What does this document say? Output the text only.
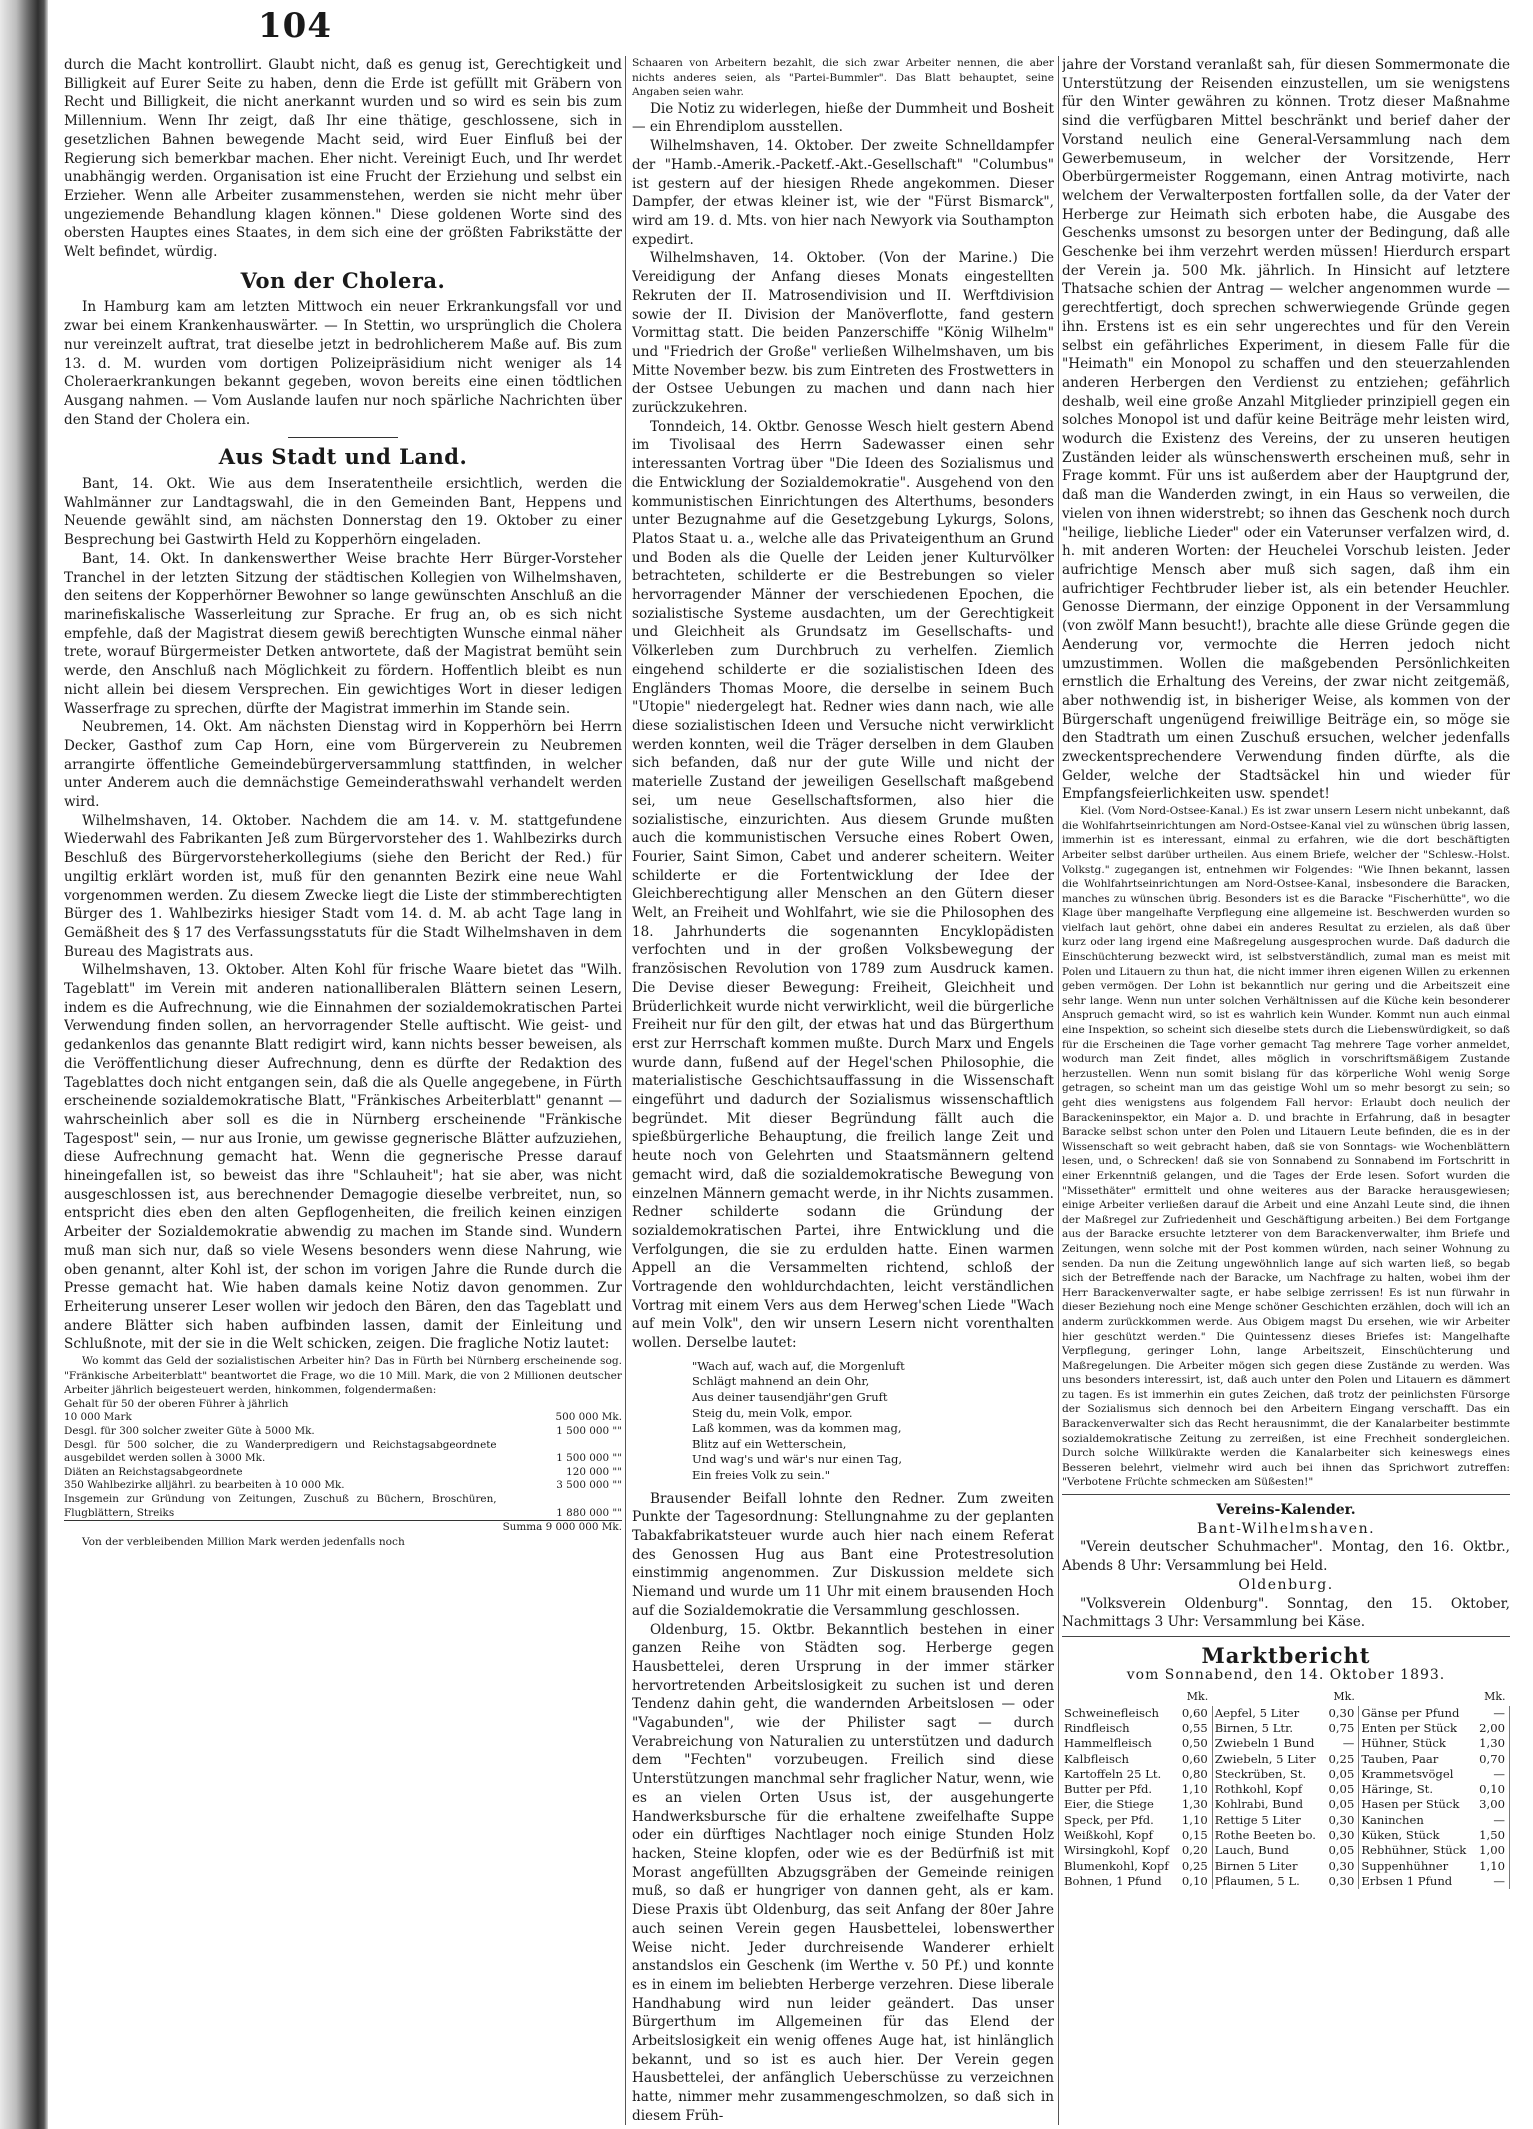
104

durch die Macht kontrollirt. Glaubt nicht, daß es genug ist, Gerechtigkeit und Billigkeit auf Eurer Seite zu haben, denn die Erde ist gefüllt mit Gräbern von Recht und Billigkeit, die nicht anerkannt wurden und so wird es sein bis zum Millennium. Wenn Ihr zeigt, daß Ihr eine thätige, geschlossene, sich in gesetzlichen Bahnen bewegende Macht seid, wird Euer Einfluß bei der Regierung sich bemerkbar machen. Eher nicht. Vereinigt Euch, und Ihr werdet unabhängig werden. Organisation ist eine Frucht der Erziehung und selbst ein Erzieher. Wenn alle Arbeiter zusammenstehen, werden sie nicht mehr über ungeziemende Behandlung klagen können." Diese goldenen Worte sind des obersten Hauptes eines Staates, in dem sich eine der größten Fabrikstätte der Welt befindet, würdig.

Von der Cholera.

In Hamburg kam am letzten Mittwoch ein neuer Erkrankungsfall vor und zwar bei einem Krankenhauswärter. — In Stettin, wo ursprünglich die Cholera nur vereinzelt auftrat, trat dieselbe jetzt in bedrohlicherem Maße auf. Bis zum 13. d. M. wurden vom dortigen Polizeipräsidium nicht weniger als 14 Choleraerkrankungen bekannt gegeben, wovon bereits eine einen tödtlichen Ausgang nahmen. — Vom Auslande laufen nur noch spärliche Nachrichten über den Stand der Cholera ein.

Aus Stadt und Land.

Bant, 14. Okt. Wie aus dem Inseratentheile ersichtlich, werden die Wahlmänner zur Landtagswahl, die in den Gemeinden Bant, Heppens und Neuende gewählt sind, am nächsten Donnerstag den 19. Oktober zu einer Besprechung bei Gastwirth Held zu Kopperhörn eingeladen.

Bant, 14. Okt. In dankenswerther Weise brachte Herr Bürger-Vorsteher Tranchel in der letzten Sitzung der städtischen Kollegien von Wilhelmshaven, den seitens der Kopperhörner Bewohner so lange gewünschten Anschluß an die marinefiskalische Wasserleitung zur Sprache. Er frug an, ob es sich nicht empfehle, daß der Magistrat diesem gewiß berechtigten Wunsche einmal näher trete, worauf Bürgermeister Detken antwortete, daß der Magistrat bemüht sein werde, den Anschluß nach Möglichkeit zu fördern. Hoffentlich bleibt es nun nicht allein bei diesem Versprechen. Ein gewichtiges Wort in dieser ledigen Wasserfrage zu sprechen, dürfte der Magistrat immerhin im Stande sein.

Neubremen, 14. Okt. Am nächsten Dienstag wird in Kopperhörn bei Herrn Decker, Gasthof zum Cap Horn, eine vom Bürgerverein zu Neubremen arrangirte öffentliche Gemeindebürgerversammlung stattfinden, in welcher unter Anderem auch die demnächstige Gemeinderathswahl verhandelt werden wird.

Wilhelmshaven, 14. Oktober. Nachdem die am 14. v. M. stattgefundene Wiederwahl des Fabrikanten Jeß zum Bürgervorsteher des 1. Wahlbezirks durch Beschluß des Bürgervorsteherkollegiums (siehe den Bericht der Red.) für ungiltig erklärt worden ist, muß für den genannten Bezirk eine neue Wahl vorgenommen werden. Zu diesem Zwecke liegt die Liste der stimmberechtigten Bürger des 1. Wahlbezirks hiesiger Stadt vom 14. d. M. ab acht Tage lang in Gemäßheit des § 17 des Verfassungsstatuts für die Stadt Wilhelmshaven in dem Bureau des Magistrats aus.

Wilhelmshaven, 13. Oktober. Alten Kohl für frische Waare bietet das "Wilh. Tageblatt" im Verein mit anderen nationalliberalen Blättern seinen Lesern, indem es die Aufrechnung, wie die Einnahmen der sozialdemokratischen Partei Verwendung finden sollen, an hervorragender Stelle auftischt. Wie geist- und gedankenlos das genannte Blatt redigirt wird, kann nichts besser beweisen, als die Veröffentlichung dieser Aufrechnung, denn es dürfte der Redaktion des Tageblattes doch nicht entgangen sein, daß die als Quelle angegebene, in Fürth erscheinende sozialdemokratische Blatt, "Fränkisches Arbeiterblatt" genannt — wahrscheinlich aber soll es die in Nürnberg erscheinende "Fränkische Tagespost" sein, — nur aus Ironie, um gewisse gegnerische Blätter aufzuziehen, diese Aufrechnung gemacht hat. Wenn die gegnerische Presse darauf hineingefallen ist, so beweist das ihre "Schlauheit"; hat sie aber, was nicht ausgeschlossen ist, aus berechnender Demagogie dieselbe verbreitet, nun, so entspricht dies eben den alten Gepflogenheiten, die freilich keinen einzigen Arbeiter der Sozialdemokratie abwendig zu machen im Stande sind. Wundern muß man sich nur, daß so viele Wesens besonders wenn diese Nahrung, wie oben genannt, alter Kohl ist, der schon im vorigen Jahre die Runde durch die Presse gemacht hat. Wie haben damals keine Notiz davon genommen. Zur Erheiterung unserer Leser wollen wir jedoch den Bären, den das Tageblatt und andere Blätter sich haben aufbinden lassen, damit der Einleitung und Schlußnote, mit der sie in die Welt schicken, zeigen. Die fragliche Notiz lautet:

Wo kommt das Geld der sozialistischen Arbeiter hin? Das in Fürth bei Nürnberg erscheinende sog. "Fränkische Arbeiterblatt" beantwortet die Frage, wo die 10 Mill. Mark, die von 2 Millionen deutscher Arbeiter jährlich beigesteuert werden, hinkommen, folgendermaßen:

Gehalt für 50 der oberen Führer à jährlich	
10 000 Mark	500 000 Mk.
Desgl. für 300 solcher zweiter Güte à 5000 Mk.	1 500 000 ""
Desgl. für 500 solcher, die zu Wanderpredigern und Reichstagsabgeordnete ausgebildet werden sollen à 3000 Mk.	1 500 000 ""
Diäten an Reichstagsabgeordnete	120 000 ""
350 Wahlbezirke alljährl. zu bearbeiten à 10 000 Mk.	3 500 000 ""
Insgemein zur Gründung von Zeitungen, Zuschuß zu Büchern, Broschüren, Flugblättern, Streiks	1 880 000 ""
	Summa 9 000 000 Mk.

Von der verbleibenden Million Mark werden jedenfalls noch

Schaaren von Arbeitern bezahlt, die sich zwar Arbeiter nennen, die aber nichts anderes seien, als "Partei-Bummler". Das Blatt behauptet, seine Angaben seien wahr.

Die Notiz zu widerlegen, hieße der Dummheit und Bosheit — ein Ehrendiplom ausstellen.

Wilhelmshaven, 14. Oktober. Der zweite Schnelldampfer der "Hamb.-Amerik.-Packetf.-Akt.-Gesellschaft" "Columbus" ist gestern auf der hiesigen Rhede angekommen. Dieser Dampfer, der etwas kleiner ist, wie der "Fürst Bismarck", wird am 19. d. Mts. von hier nach Newyork via Southampton expedirt.

Wilhelmshaven, 14. Oktober. (Von der Marine.) Die Vereidigung der Anfang dieses Monats eingestellten Rekruten der II. Matrosendivision und II. Werftdivision sowie der II. Division der Manöverflotte, fand gestern Vormittag statt. Die beiden Panzerschiffe "König Wilhelm" und "Friedrich der Große" verließen Wilhelmshaven, um bis Mitte November bezw. bis zum Eintreten des Frostwetters in der Ostsee Uebungen zu machen und dann nach hier zurückzukehren.

Tonndeich, 14. Oktbr. Genosse Wesch hielt gestern Abend im Tivolisaal des Herrn Sadewasser einen sehr interessanten Vortrag über "Die Ideen des Sozialismus und die Entwicklung der Sozialdemokratie". Ausgehend von den kommunistischen Einrichtungen des Alterthums, besonders unter Bezugnahme auf die Gesetzgebung Lykurgs, Solons, Platos Staat u. a., welche alle das Privateigenthum an Grund und Boden als die Quelle der Leiden jener Kulturvölker betrachteten, schilderte er die Bestrebungen so vieler hervorragender Männer der verschiedenen Epochen, die sozialistische Systeme ausdachten, um der Gerechtigkeit und Gleichheit als Grundsatz im Gesellschafts- und Völkerleben zum Durchbruch zu verhelfen. Ziemlich eingehend schilderte er die sozialistischen Ideen des Engländers Thomas Moore, die derselbe in seinem Buch "Utopie" niedergelegt hat. Redner wies dann nach, wie alle diese sozialistischen Ideen und Versuche nicht verwirklicht werden konnten, weil die Träger derselben in dem Glauben sich befanden, daß nur der gute Wille und nicht der materielle Zustand der jeweiligen Gesellschaft maßgebend sei, um neue Gesellschaftsformen, also hier die sozialistische, einzurichten. Aus diesem Grunde mußten auch die kommunistischen Versuche eines Robert Owen, Fourier, Saint Simon, Cabet und anderer scheitern. Weiter schilderte er die Fortentwicklung der Idee der Gleichberechtigung aller Menschen an den Gütern dieser Welt, an Freiheit und Wohlfahrt, wie sie die Philosophen des 18. Jahrhunderts die sogenannten Encyklopädisten verfochten und in der großen Volksbewegung der französischen Revolution von 1789 zum Ausdruck kamen. Die Devise dieser Bewegung: Freiheit, Gleichheit und Brüderlichkeit wurde nicht verwirklicht, weil die bürgerliche Freiheit nur für den gilt, der etwas hat und das Bürgerthum erst zur Herrschaft kommen mußte. Durch Marx und Engels wurde dann, fußend auf der Hegel'schen Philosophie, die materialistische Geschichtsauffassung in die Wissenschaft eingeführt und dadurch der Sozialismus wissenschaftlich begründet. Mit dieser Begründung fällt auch die spießbürgerliche Behauptung, die freilich lange Zeit und heute noch von Gelehrten und Staatsmännern geltend gemacht wird, daß die sozialdemokratische Bewegung von einzelnen Männern gemacht werde, in ihr Nichts zusammen. Redner schilderte sodann die Gründung der sozialdemokratischen Partei, ihre Entwicklung und die Verfolgungen, die sie zu erdulden hatte. Einen warmen Appell an die Versammelten richtend, schloß der Vortragende den wohldurchdachten, leicht verständlichen Vortrag mit einem Vers aus dem Herweg'schen Liede "Wach auf mein Volk", den wir unsern Lesern nicht vorenthalten wollen. Derselbe lautet:

"Wach auf, wach auf, die Morgenluft
Schlägt mahnend an dein Ohr,
Aus deiner tausendjähr'gen Gruft
Steig du, mein Volk, empor.
Laß kommen, was da kommen mag,
Blitz auf ein Wetterschein,
Und wag's und wär's nur einen Tag,
Ein freies Volk zu sein."

Brausender Beifall lohnte den Redner. Zum zweiten Punkte der Tagesordnung: Stellungnahme zu der geplanten Tabakfabrikatsteuer wurde auch hier nach einem Referat des Genossen Hug aus Bant eine Protestresolution einstimmig angenommen. Zur Diskussion meldete sich Niemand und wurde um 11 Uhr mit einem brausenden Hoch auf die Sozialdemokratie die Versammlung geschlossen.

Oldenburg, 15. Oktbr. Bekanntlich bestehen in einer ganzen Reihe von Städten sog. Herberge gegen Hausbettelei, deren Ursprung in der immer stärker hervortretenden Arbeitslosigkeit zu suchen ist und deren Tendenz dahin geht, die wandernden Arbeitslosen — oder "Vagabunden", wie der Philister sagt — durch Verabreichung von Naturalien zu unterstützen und dadurch dem "Fechten" vorzubeugen. Freilich sind diese Unterstützungen manchmal sehr fraglicher Natur, wenn, wie es an vielen Orten Usus ist, der ausgehungerte Handwerksbursche für die erhaltene zweifelhafte Suppe oder ein dürftiges Nachtlager noch einige Stunden Holz hacken, Steine klopfen, oder wie es der Bedürfniß ist mit Morast angefüllten Abzugsgräben der Gemeinde reinigen muß, so daß er hungriger von dannen geht, als er kam. Diese Praxis übt Oldenburg, das seit Anfang der 80er Jahre auch seinen Verein gegen Hausbettelei, lobenswerther Weise nicht. Jeder durchreisende Wanderer erhielt anstandslos ein Geschenk (im Werthe v. 50 Pf.) und konnte es in einem im beliebten Herberge verzehren. Diese liberale Handhabung wird nun leider geändert. Das unser Bürgerthum im Allgemeinen für das Elend der Arbeitslosigkeit ein wenig offenes Auge hat, ist hinlänglich bekannt, und so ist es auch hier. Der Verein gegen Hausbettelei, der anfänglich Ueberschüsse zu verzeichnen hatte, nimmer mehr zusammengeschmolzen, so daß sich in diesem Früh-

jahre der Vorstand veranlaßt sah, für diesen Sommermonate die Unterstützung der Reisenden einzustellen, um sie wenigstens für den Winter gewähren zu können. Trotz dieser Maßnahme sind die verfügbaren Mittel beschränkt und berief daher der Vorstand neulich eine General-Versammlung nach dem Gewerbemuseum, in welcher der Vorsitzende, Herr Oberbürgermeister Roggemann, einen Antrag motivirte, nach welchem der Verwalterposten fortfallen solle, da der Vater der Herberge zur Heimath sich erboten habe, die Ausgabe des Geschenks umsonst zu besorgen unter der Bedingung, daß alle Geschenke bei ihm verzehrt werden müssen! Hierdurch erspart der Verein ja. 500 Mk. jährlich. In Hinsicht auf letztere Thatsache schien der Antrag — welcher angenommen wurde — gerechtfertigt, doch sprechen schwerwiegende Gründe gegen ihn. Erstens ist es ein sehr ungerechtes und für den Verein selbst ein gefährliches Experiment, in diesem Falle für die "Heimath" ein Monopol zu schaffen und den steuerzahlenden anderen Herbergen den Verdienst zu entziehen; gefährlich deshalb, weil eine große Anzahl Mitglieder prinzipiell gegen ein solches Monopol ist und dafür keine Beiträge mehr leisten wird, wodurch die Existenz des Vereins, der zu unseren heutigen Zuständen leider als wünschenswerth erscheinen muß, sehr in Frage kommt. Für uns ist außerdem aber der Hauptgrund der, daß man die Wanderden zwingt, in ein Haus so verweilen, die vielen von ihnen widerstrebt; so ihnen das Geschenk noch durch "heilige, liebliche Lieder" oder ein Vaterunser verfalzen wird, d. h. mit anderen Worten: der Heuchelei Vorschub leisten. Jeder aufrichtige Mensch aber muß sich sagen, daß ihm ein aufrichtiger Fechtbruder lieber ist, als ein betender Heuchler. Genosse Diermann, der einzige Opponent in der Versammlung (von zwölf Mann besucht!), brachte alle diese Gründe gegen die Aenderung vor, vermochte die Herren jedoch nicht umzustimmen. Wollen die maßgebenden Persönlichkeiten ernstlich die Erhaltung des Vereins, der zwar nicht zeitgemäß, aber nothwendig ist, in bisheriger Weise, als kommen von der Bürgerschaft ungenügend freiwillige Beiträge ein, so möge sie den Stadtrath um einen Zuschuß ersuchen, welcher jedenfalls zweckentsprechendere Verwendung finden dürfte, als die Gelder, welche der Stadtsäckel hin und wieder für Empfangsfeierlichkeiten usw. spendet!

Kiel. (Vom Nord-Ostsee-Kanal.) Es ist zwar unsern Lesern nicht unbekannt, daß die Wohlfahrtseinrichtungen am Nord-Ostsee-Kanal viel zu wünschen übrig lassen, immerhin ist es interessant, einmal zu erfahren, wie die dort beschäftigten Arbeiter selbst darüber urtheilen. Aus einem Briefe, welcher der "Schlesw.-Holst. Volkstg." zugegangen ist, entnehmen wir Folgendes: "Wie Ihnen bekannt, lassen die Wohlfahrtseinrichtungen am Nord-Ostsee-Kanal, insbesondere die Baracken, manches zu wünschen übrig. Besonders ist es die Baracke "Fischerhütte", wo die Klage über mangelhafte Verpflegung eine allgemeine ist. Beschwerden wurden so vielfach laut gehört, ohne dabei ein anderes Resultat zu erzielen, als daß über kurz oder lang irgend eine Maßregelung ausgesprochen wurde. Daß dadurch die Einschüchterung bezweckt wird, ist selbstverständlich, zumal man es meist mit Polen und Litauern zu thun hat, die nicht immer ihren eigenen Willen zu erkennen geben vermögen. Der Lohn ist bekanntlich nur gering und die Arbeitszeit eine sehr lange. Wenn nun unter solchen Verhältnissen auf die Küche kein besonderer Anspruch gemacht wird, so ist es wahrlich kein Wunder. Kommt nun auch einmal eine Inspektion, so scheint sich dieselbe stets durch die Liebenswürdigkeit, so daß für die Erscheinen die Tage vorher gemacht Tag mehrere Tage vorher anmeldet, wodurch man Zeit findet, alles möglich in vorschriftsmäßigem Zustande herzustellen. Wenn nun somit bislang für das körperliche Wohl wenig Sorge getragen, so scheint man um das geistige Wohl um so mehr besorgt zu sein; so geht dies wenigstens aus folgendem Fall hervor: Erlaubt doch neulich der Barackeninspektor, ein Major a. D. und brachte in Erfahrung, daß in besagter Baracke selbst schon unter den Polen und Litauern Leute befinden, die es in der Wissenschaft so weit gebracht haben, daß sie von Sonntags- wie Wochenblättern lesen, und, o Schrecken! daß sie von Sonnabend zu Sonnabend im Fortschritt in einer Erkenntniß gelangen, und die Tages der Erde lesen. Sofort wurden die "Missethäter" ermittelt und ohne weiteres aus der Baracke herausgewiesen; einige Arbeiter verließen darauf die Arbeit und eine Anzahl Leute sind, die ihnen der Maßregel zur Zufriedenheit und Geschäftigung arbeiten.) Bei dem Fortgange aus der Baracke ersuchte letzterer von dem Barackenverwalter, ihm Briefe und Zeitungen, wenn solche mit der Post kommen würden, nach seiner Wohnung zu senden. Da nun die Zeitung ungewöhnlich lange auf sich warten ließ, so begab sich der Betreffende nach der Baracke, um Nachfrage zu halten, wobei ihm der Herr Barackenverwalter sagte, er habe selbige zerrissen! Es ist nun fürwahr in dieser Beziehung noch eine Menge schöner Geschichten erzählen, doch will ich an anderm zurückkommen werde. Aus Obigem magst Du ersehen, wie wir Arbeiter hier geschützt werden." Die Quintessenz dieses Briefes ist: Mangelhafte Verpflegung, geringer Lohn, lange Arbeitszeit, Einschüchterung und Maßregelungen. Die Arbeiter mögen sich gegen diese Zustände zu werden. Was uns besonders interessirt, ist, daß auch unter den Polen und Litauern es dämmert zu tagen. Es ist immerhin ein gutes Zeichen, daß trotz der peinlichsten Fürsorge der Sozialismus sich dennoch bei den Arbeitern Eingang verschafft. Das ein Barackenverwalter sich das Recht herausnimmt, die der Kanalarbeiter bestimmte sozialdemokratische Zeitung zu zerreißen, ist eine Frechheit sondergleichen. Durch solche Willkürakte werden die Kanalarbeiter sich keineswegs eines Besseren belehrt, vielmehr wird auch bei ihnen das Sprichwort zutreffen: "Verbotene Früchte schmecken am Süßesten!"

Vereins-Kalender.
Bant-Wilhelmshaven.

"Verein deutscher Schuhmacher". Montag, den 16. Oktbr., Abends 8 Uhr: Versammlung bei Held.

Oldenburg.

"Volksverein Oldenburg". Sonntag, den 15. Oktober, Nachmittags 3 Uhr: Versammlung bei Käse.

Marktbericht
vom Sonnabend, den 14. Oktober 1893.
	Mk.		Mk.		Mk.
Schweinefleisch	0,60	Aepfel, 5 Liter	0,30	Gänse per Pfund	—
Rindfleisch	0,55	Birnen, 5 Ltr.	0,75	Enten per Stück	2,00
Hammelfleisch	0,50	Zwiebeln 1 Bund	—	Hühner, Stück	1,30
Kalbfleisch	0,60	Zwiebeln, 5 Liter	0,25	Tauben, Paar	0,70
Kartoffeln 25 Lt.	0,80	Steckrüben, St.	0,05	Krammetsvögel	—
Butter per Pfd.	1,10	Rothkohl, Kopf	0,05	Häringe, St.	0,10
Eier, die Stiege	1,30	Kohlrabi, Bund	0,05	Hasen per Stück	3,00
Speck, per Pfd.	1,10	Rettige 5 Liter	0,30	Kaninchen	—
Weißkohl, Kopf	0,15	Rothe Beeten bo.	0,30	Küken, Stück	1,50
Wirsingkohl, Kopf	0,20	Lauch, Bund	0,05	Rebhühner, Stück	1,00
Blumenkohl, Kopf	0,25	Birnen 5 Liter	0,30	Suppenhühner	1,10
Bohnen, 1 Pfund	0,10	Pflaumen, 5 L.	0,30	Erbsen 1 Pfund	—
